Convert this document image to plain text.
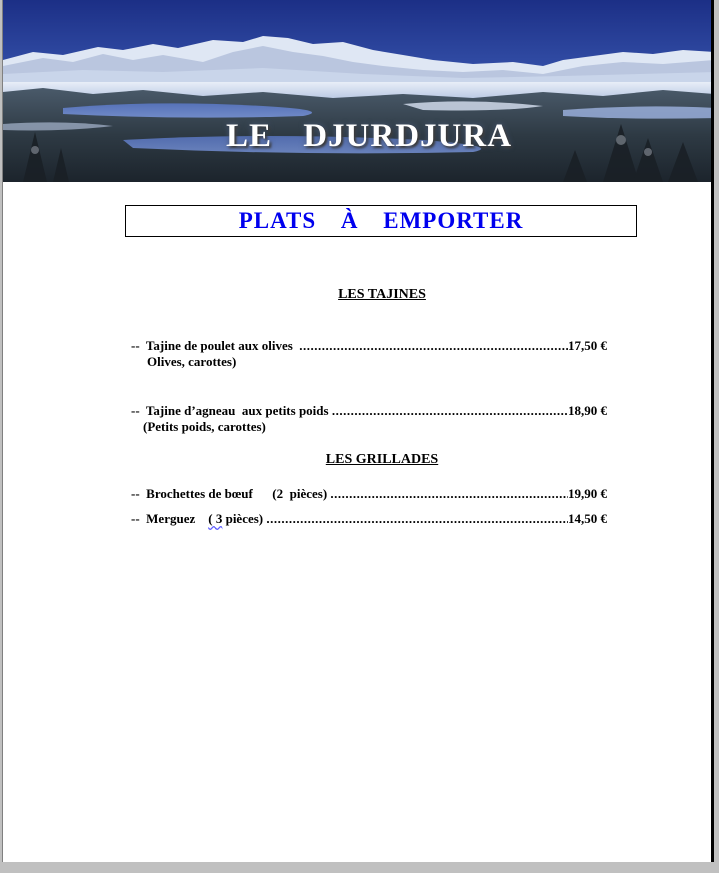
LE DJURDJURA
PLATS À EMPORTER
LES TAJINES
--  Tajine de poulet aux olives .....	17,50 €
Olives, carottes)
--  Tajine d’agneau  aux petits poids .....	18,90 €
(Petits poids, carottes)
LES GRILLADES
--  Brochettes de bœuf      (2  pièces) .....	19,90 €
--  Merguez    ( 3 pièces) .....	14,50 €
